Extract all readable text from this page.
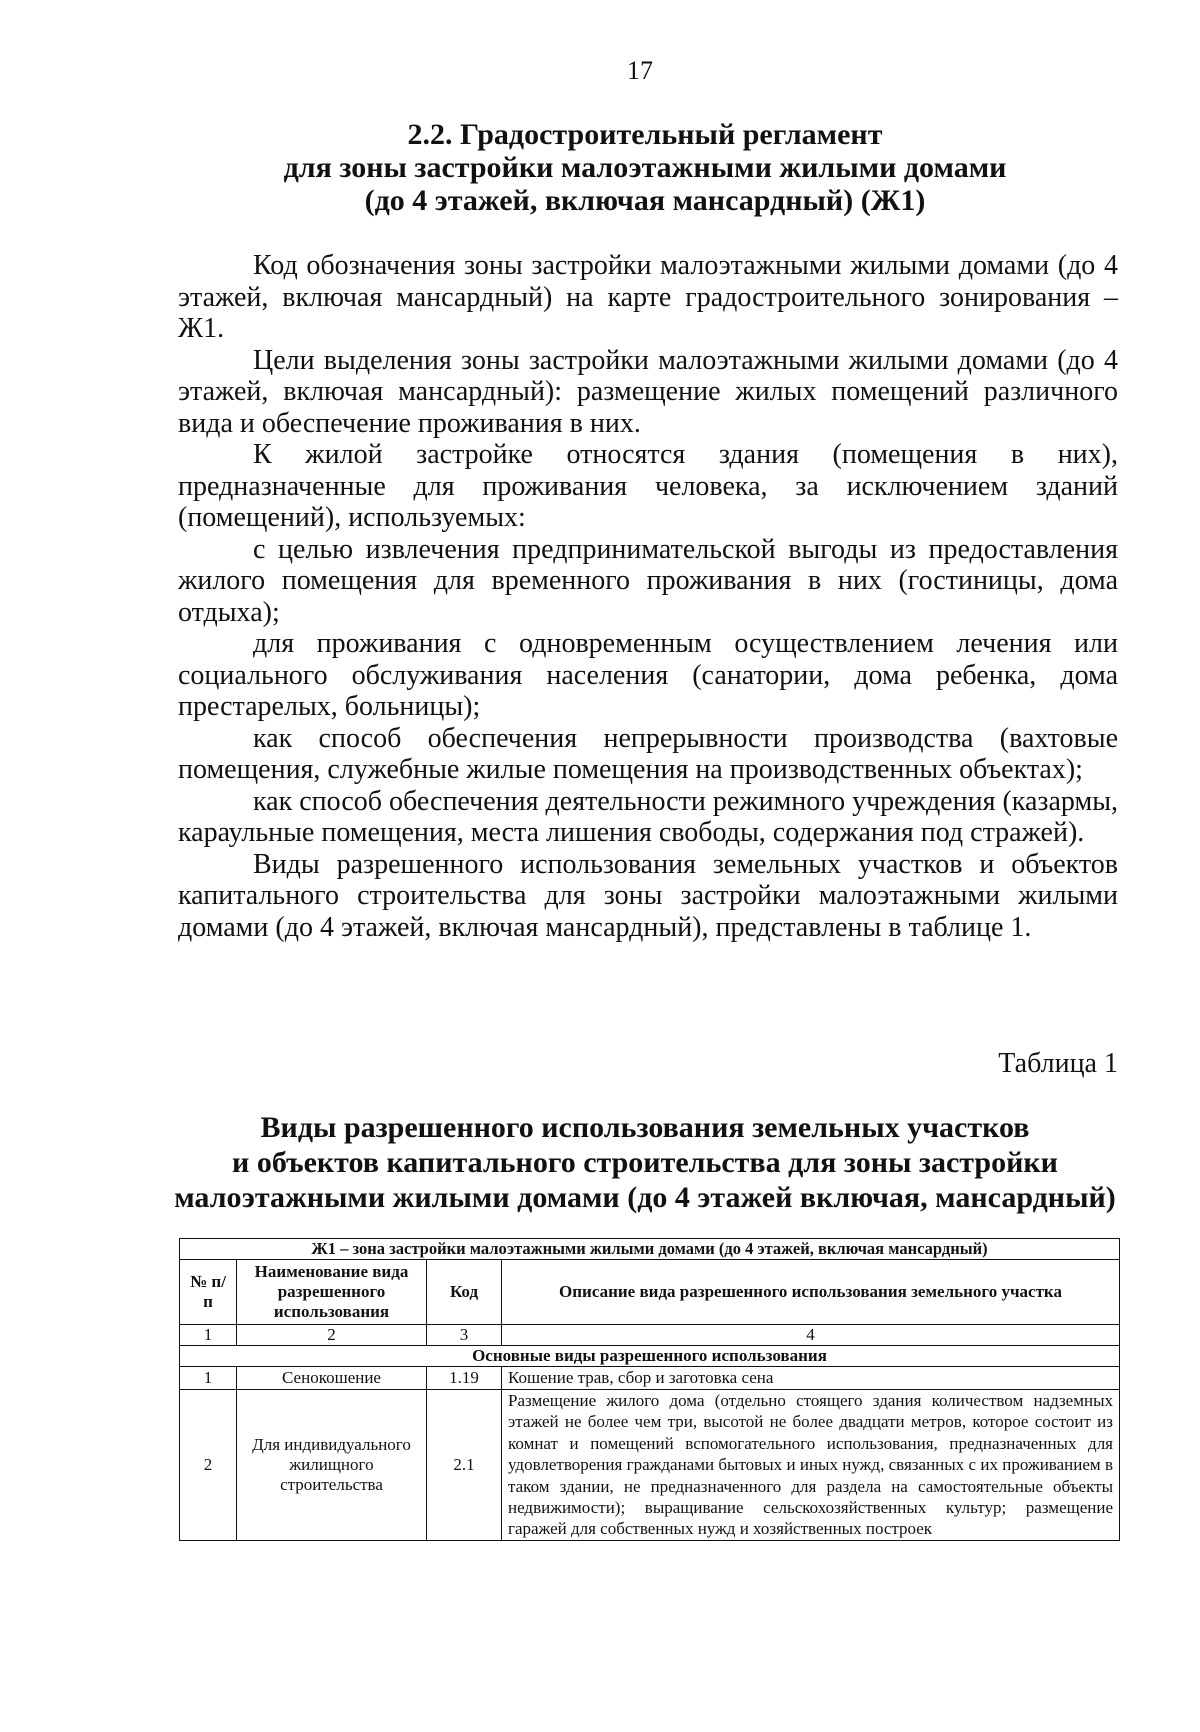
17
2.2. Градостроительный регламент
для зоны застройки малоэтажными жилыми домами
(до 4 этажей, включая мансардный) (Ж1)

Код обозначения зоны застройки малоэтажными жилыми домами (до 4 этажей, включая мансардный) на карте градостроительного зонирования – Ж1.

Цели выделения зоны застройки малоэтажными жилыми домами (до 4 этажей, включая мансардный): размещение жилых помещений различного вида и обеспечение проживания в них.

К жилой застройке относятся здания (помещения в них), предназначенные для проживания человека, за исключением зданий (помещений), используемых:

с целью извлечения предпринимательской выгоды из предоставления жилого помещения для временного проживания в них (гостиницы, дома отдыха);

для проживания с одновременным осуществлением лечения или социального обслуживания населения (санатории, дома ребенка, дома престарелых, больницы);

как способ обеспечения непрерывности производства (вахтовые помещения, служебные жилые помещения на производственных объектах);

как способ обеспечения деятельности режимного учреждения (казармы, караульные помещения, места лишения свободы, содержания под стражей).

Виды разрешенного использования земельных участков и объектов капитального строительства для зоны застройки малоэтажными жилыми домами (до 4 этажей, включая мансардный), представлены в таблице 1.

Таблица 1
Виды разрешенного использования земельных участков
и объектов капитального строительства для зоны застройки
малоэтажными жилыми домами (до 4 этажей включая, мансардный)
Ж1 – зона застройки малоэтажными жилыми домами (до 4 этажей, включая мансардный)			
№ п/п	Наименование вида разрешенного использования	Код	Описание вида разрешенного использования земельного участка
1	2	3	4
Основные виды разрешенного использования			
1	Сенокошение	1.19	Кошение трав, сбор и заготовка сена
2	Для индивидуального жилищного строительства	2.1	Размещение жилого дома (отдельно стоящего здания количеством надземных этажей не более чем три, высотой не более двадцати метров, которое состоит из комнат и помещений вспомогательного использования, предназначенных для удовлетворения гражданами бытовых и иных нужд, связанных с их проживанием в таком здании, не предназначенного для раздела на самостоятельные объекты недвижимости); выращивание сельскохозяйственных культур; размещение гаражей для собственных нужд и хозяйственных построек
